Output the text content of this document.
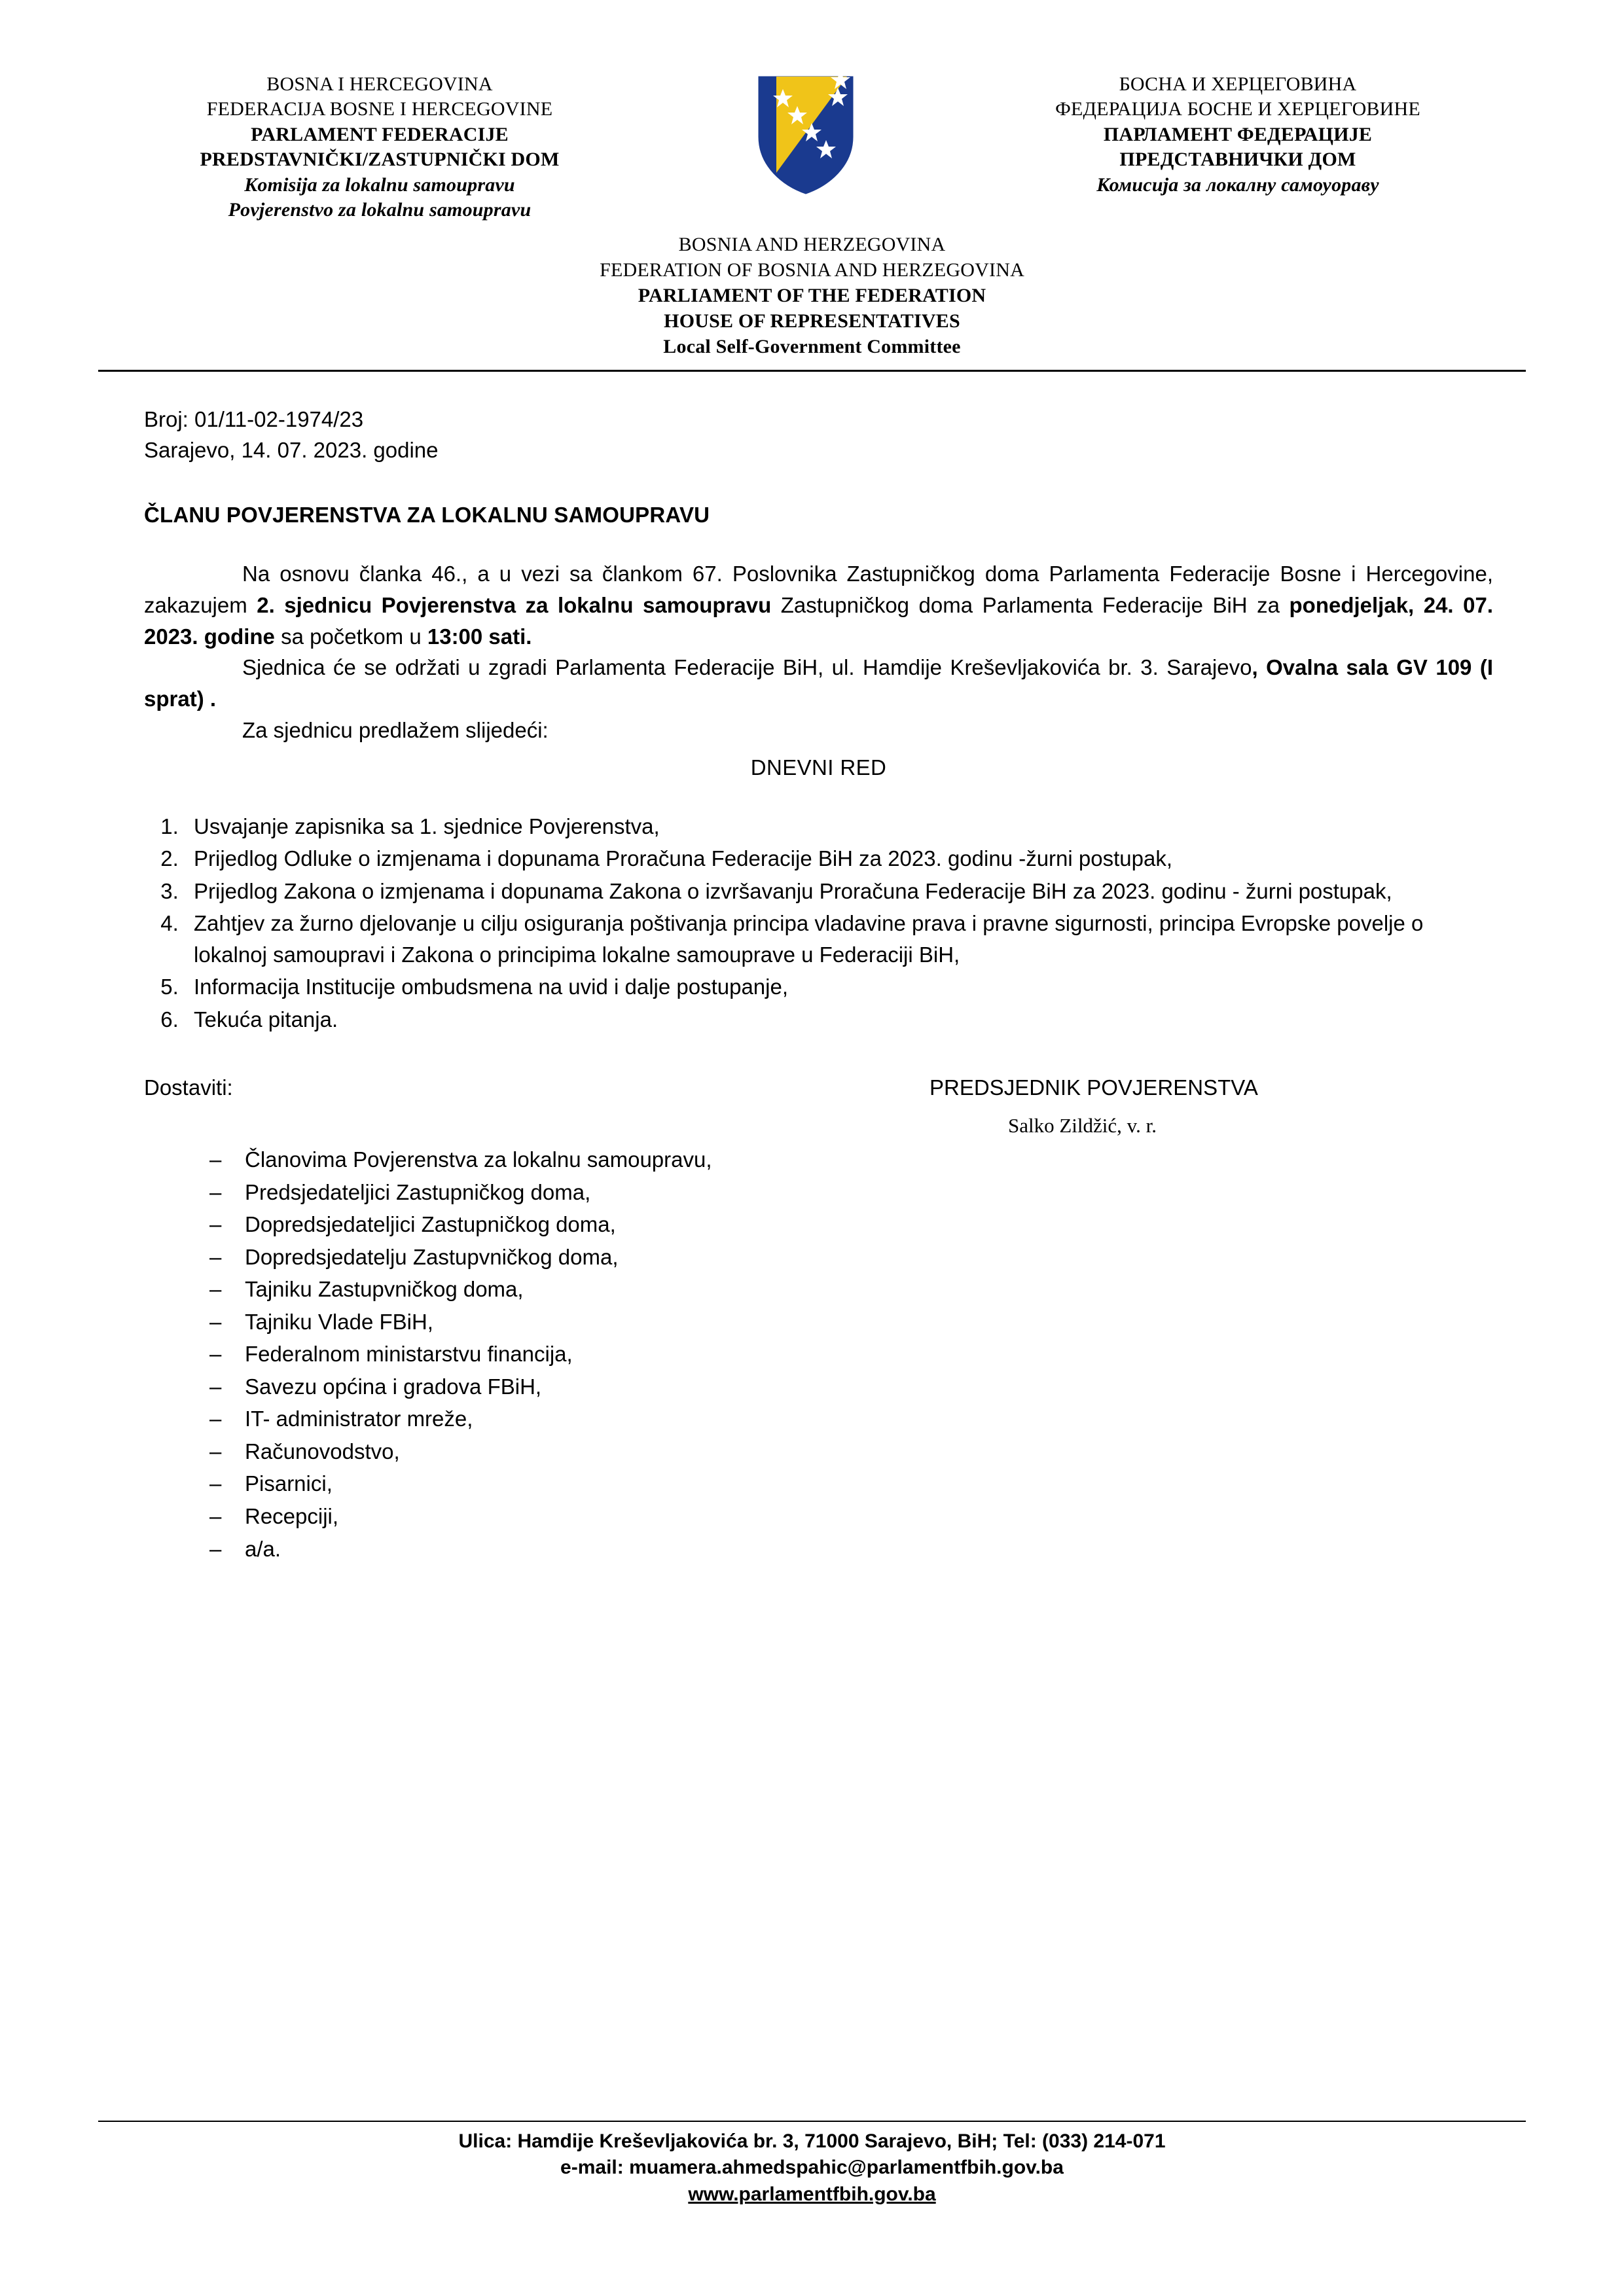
BOSNA I HERCEGOVINA
FEDERACIJA BOSNE I HERCEGOVINE
PARLAMENT FEDERACIJE
PREDSTAVNIČKI/ZASTUPNIČKI DOM
Komisija za lokalnu samoupravu
Povjerenstvo za lokalnu samoupravu
БОСНА И ХЕРЦЕГОВИНА
ФЕДЕРАЦИЈА БОСНЕ И ХЕРЦЕГОВИНЕ
ПАРЛАМЕНТ ФЕДЕРАЦИЈЕ
ПРЕДСТАВНИЧКИ ДОМ
Комисија за локалну самоуораву
BOSNIA AND HERZEGOVINA
FEDERATION OF BOSNIA AND HERZEGOVINA
PARLIAMENT OF THE FEDERATION
HOUSE OF REPRESENTATIVES
Local Self-Government Committee
Broj: 01/11-02-1974/23
Sarajevo, 14. 07. 2023. godine
ČLANU POVJERENSTVA ZA LOKALNU SAMOUPRAVU

Na osnovu članka 46., a u vezi sa člankom 67. Poslovnika Zastupničkog doma Parlamenta Federacije Bosne i Hercegovine, zakazujem 2. sjednicu Povjerenstva za lokalnu samoupravu Zastupničkog doma Parlamenta Federacije BiH za ponedjeljak, 24. 07. 2023. godine sa početkom u 13:00 sati.

Sjednica će se održati u zgradi Parlamenta Federacije BiH, ul. Hamdije Kreševljakovića br. 3. Sarajevo, Ovalna sala GV 109 (I sprat) .

Za sjednicu predlažem slijedeći:

DNEVNI RED
1. Usvajanje zapisnika sa 1. sjednice Povjerenstva,
2. Prijedlog Odluke o izmjenama i dopunama Proračuna Federacije BiH za 2023. godinu -žurni postupak,
3. Prijedlog Zakona o izmjenama i dopunama Zakona o izvršavanju Proračuna Federacije BiH za 2023. godinu - žurni postupak,
4. Zahtjev za žurno djelovanje u cilju osiguranja poštivanja principa vladavine prava i pravne sigurnosti, principa Evropske povelje o lokalnoj samoupravi i Zakona o principima lokalne samouprave u Federaciji BiH,
5. Informacija Institucije ombudsmena na uvid i dalje postupanje,
6. Tekuća pitanja.
Dostaviti:	PREDSJEDNIK POVJERENSTVA
Salko Zildžić, v. r.
– Članovima Povjerenstva za lokalnu samoupravu,
– Predsjedateljici Zastupničkog doma,
– Dopredsjedateljici Zastupničkog doma,
– Dopredsjedatelju Zastupvničkog doma,
– Tajniku Zastupvničkog doma,
– Tajniku Vlade FBiH,
– Federalnom ministarstvu financija,
– Savezu općina i gradova FBiH,
– IT- administrator mreže,
– Računovodstvo,
– Pisarnici,
– Recepciji,
– a/a.
Ulica: Hamdije Kreševljakovića br. 3, 71000 Sarajevo, BiH; Tel: (033) 214-071
e-mail: muamera.ahmedspahic@parlamentfbih.gov.ba
www.parlamentfbih.gov.ba
